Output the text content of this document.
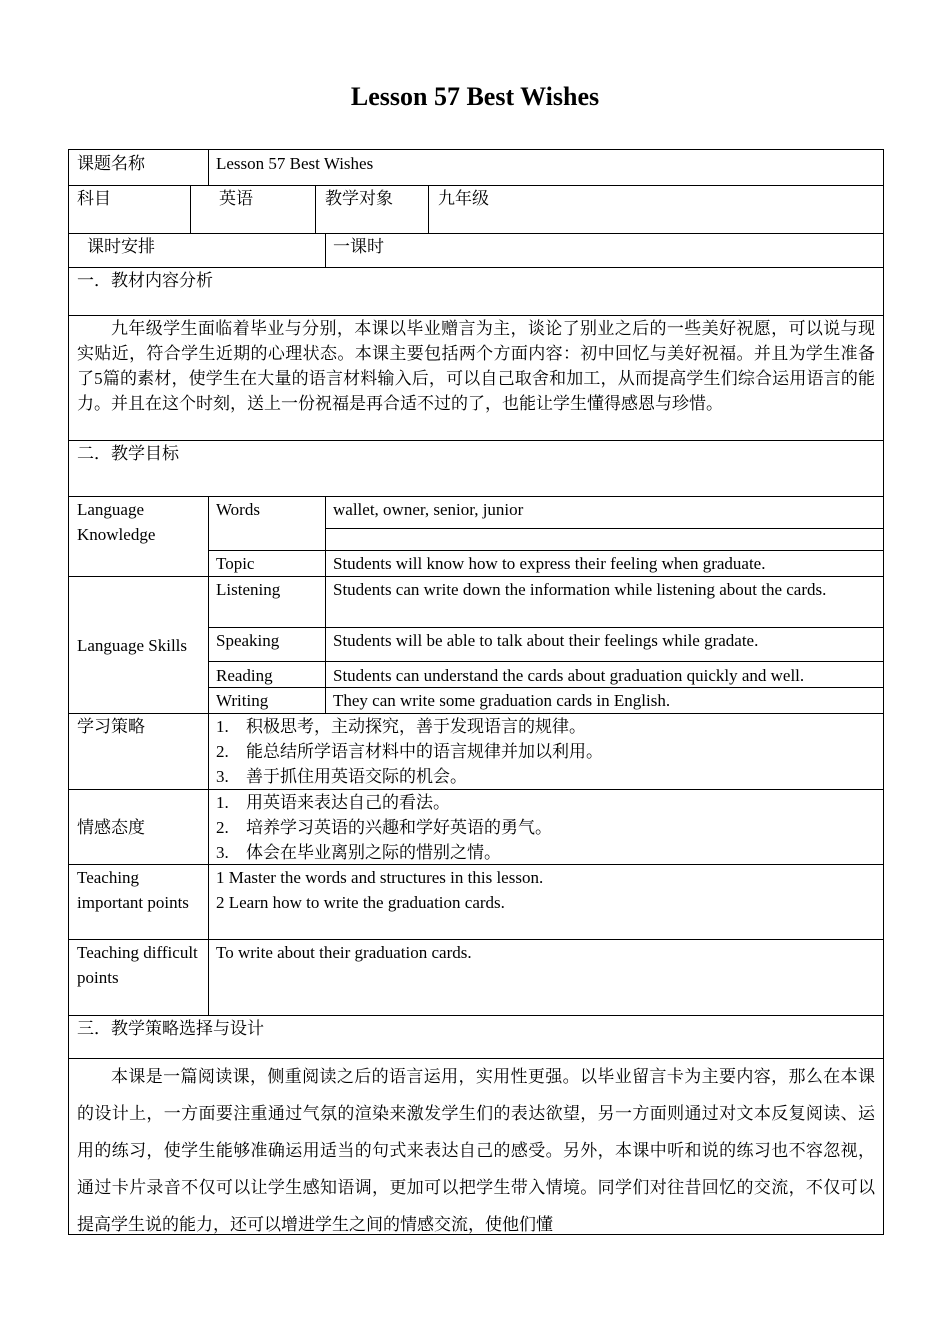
Lesson 57 Best Wishes
课题名称	Lesson 57 Best Wishes
科目	英语	教学对象	九年级
课时安排	一课时
一．教材内容分析
九年级学生面临着毕业与分别，本课以毕业赠言为主，谈论了别业之后的一些美好祝愿，可以说与现实贴近，符合学生近期的心理状态。本课主要包括两个方面内容：初中回忆与美好祝福。并且为学生准备了5篇的素材，使学生在大量的语言材料输入后，可以自己取舍和加工，从而提高学生们综合运用语言的能力。并且在这个时刻，送上一份祝福是再合适不过的了，也能让学生懂得感恩与珍惜。
二．教学目标
Language Knowledge
Words	wallet, owner, senior, junior
Topic	Students will know how to express their feeling when graduate.
Language Skills
Listening	Students can write down the information while listening about the cards.
Speaking	Students will be able to talk about their feelings while gradate.
Reading	Students can understand the cards about graduation quickly and well.
Writing	They can write some graduation cards in English.
学习策略	1. 积极思考，主动探究，善于发现语言的规律。
2. 能总结所学语言材料中的语言规律并加以利用。
3. 善于抓住用英语交际的机会。
情感态度
1. 用英语来表达自己的看法。
2. 培养学习英语的兴趣和学好英语的勇气。
3. 体会在毕业离别之际的惜别之情。
Teaching important points
1 Master the words and structures in this lesson.
2 Learn how to write the graduation cards.
Teaching difficult points
To write about their graduation cards.
三．教学策略选择与设计
本课是一篇阅读课，侧重阅读之后的语言运用，实用性更强。以毕业留言卡为主要内容，那么在本课的设计上，一方面要注重通过气氛的渲染来激发学生们的表达欲望，另一方面则通过对文本反复阅读、运用的练习，使学生能够准确运用适当的句式来表达自己的感受。另外，本课中听和说的练习也不容忽视，通过卡片录音不仅可以让学生感知语调，更加可以把学生带入情境。同学们对往昔回忆的交流，不仅可以提高学生说的能力，还可以增进学生之间的情感交流，使他们懂
